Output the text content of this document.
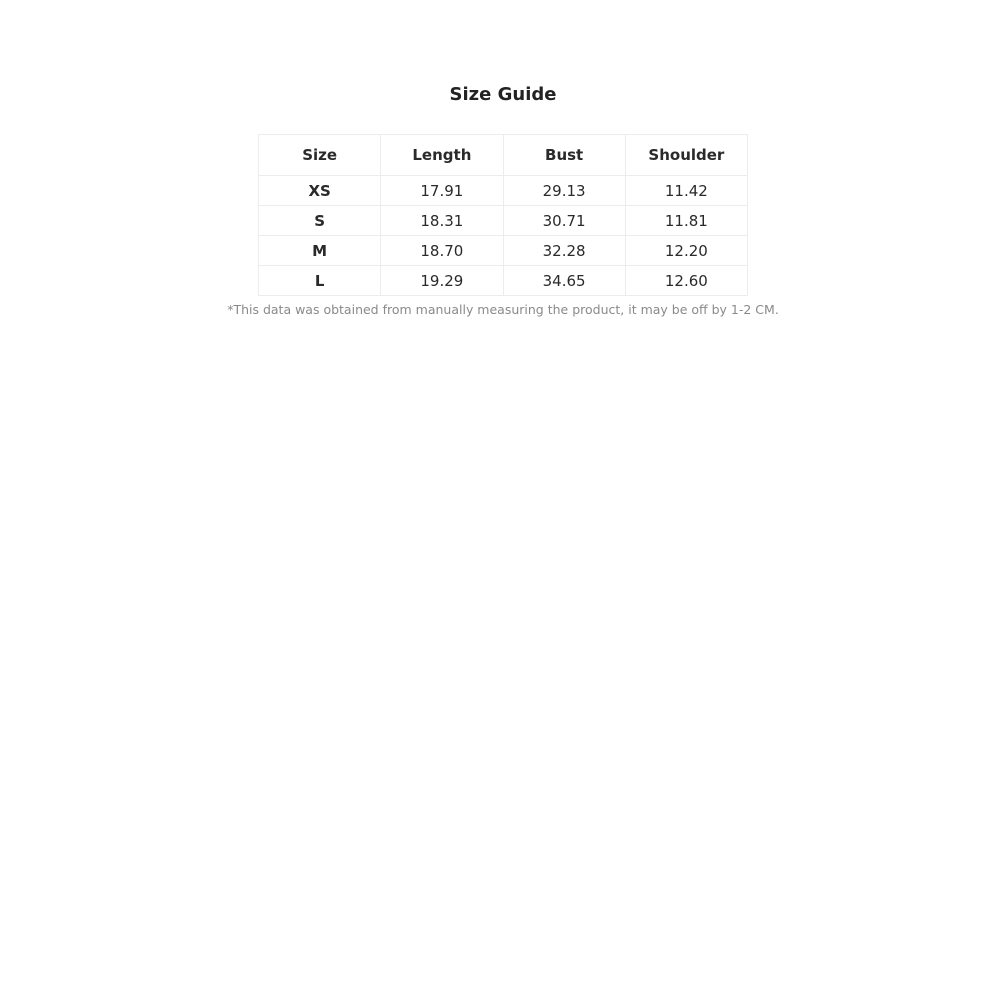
Size Guide
Size	Length	Bust	Shoulder
XS	17.91	29.13	11.42
S	18.31	30.71	11.81
M	18.70	32.28	12.20
L	19.29	34.65	12.60
*This data was obtained from manually measuring the product, it may be off by 1-2 CM.
